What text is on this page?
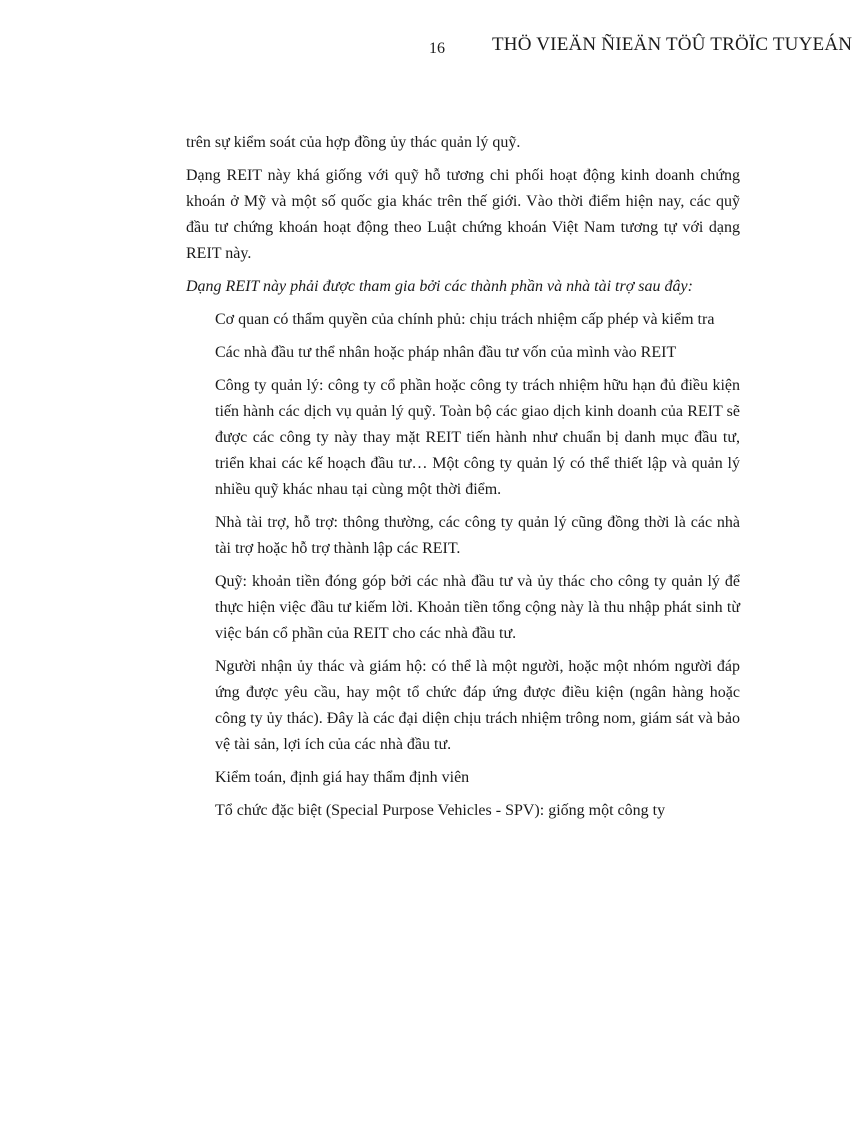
16 THÖ VIEÄN ÑIEÄN TÖÛ TRÖÏC TUYEÁN

trên sự kiểm soát của hợp đồng ủy thác quản lý quỹ.

Dạng REIT này khá giống với quỹ hỗ tương chi phối hoạt động kinh doanh chứng khoán ở Mỹ và một số quốc gia khác trên thế giới. Vào thời điểm hiện nay, các quỹ đầu tư chứng khoán hoạt động theo Luật chứng khoán Việt Nam tương tự với dạng REIT này.

Dạng REIT này phải được tham gia bởi các thành phần và nhà tài trợ sau đây:

Cơ quan có thẩm quyền của chính phủ: chịu trách nhiệm cấp phép và kiểm tra

Các nhà đầu tư thể nhân hoặc pháp nhân đầu tư vốn của mình vào REIT

Công ty quản lý: công ty cổ phần hoặc công ty trách nhiệm hữu hạn đủ điều kiện tiến hành các dịch vụ quản lý quỹ. Toàn bộ các giao dịch kinh doanh của REIT sẽ được các công ty này thay mặt REIT tiến hành như chuẩn bị danh mục đầu tư, triển khai các kế hoạch đầu tư… Một công ty quản lý có thể thiết lập và quản lý nhiều quỹ khác nhau tại cùng một thời điểm.

Nhà tài trợ, hỗ trợ: thông thường, các công ty quản lý cũng đồng thời là các nhà tài trợ hoặc hỗ trợ thành lập các REIT.

Quỹ: khoản tiền đóng góp bởi các nhà đầu tư và ủy thác cho công ty quản lý để thực hiện việc đầu tư kiếm lời. Khoản tiền tổng cộng này là thu nhập phát sinh từ việc bán cổ phần của REIT cho các nhà đầu tư.

Người nhận ủy thác và giám hộ: có thể là một người, hoặc một nhóm người đáp ứng được yêu cầu, hay một tổ chức đáp ứng được điều kiện (ngân hàng hoặc công ty ủy thác). Đây là các đại diện chịu trách nhiệm trông nom, giám sát và bảo vệ tài sản, lợi ích của các nhà đầu tư.

Kiểm toán, định giá hay thẩm định viên

Tổ chức đặc biệt (Special Purpose Vehicles - SPV): giống một công ty
